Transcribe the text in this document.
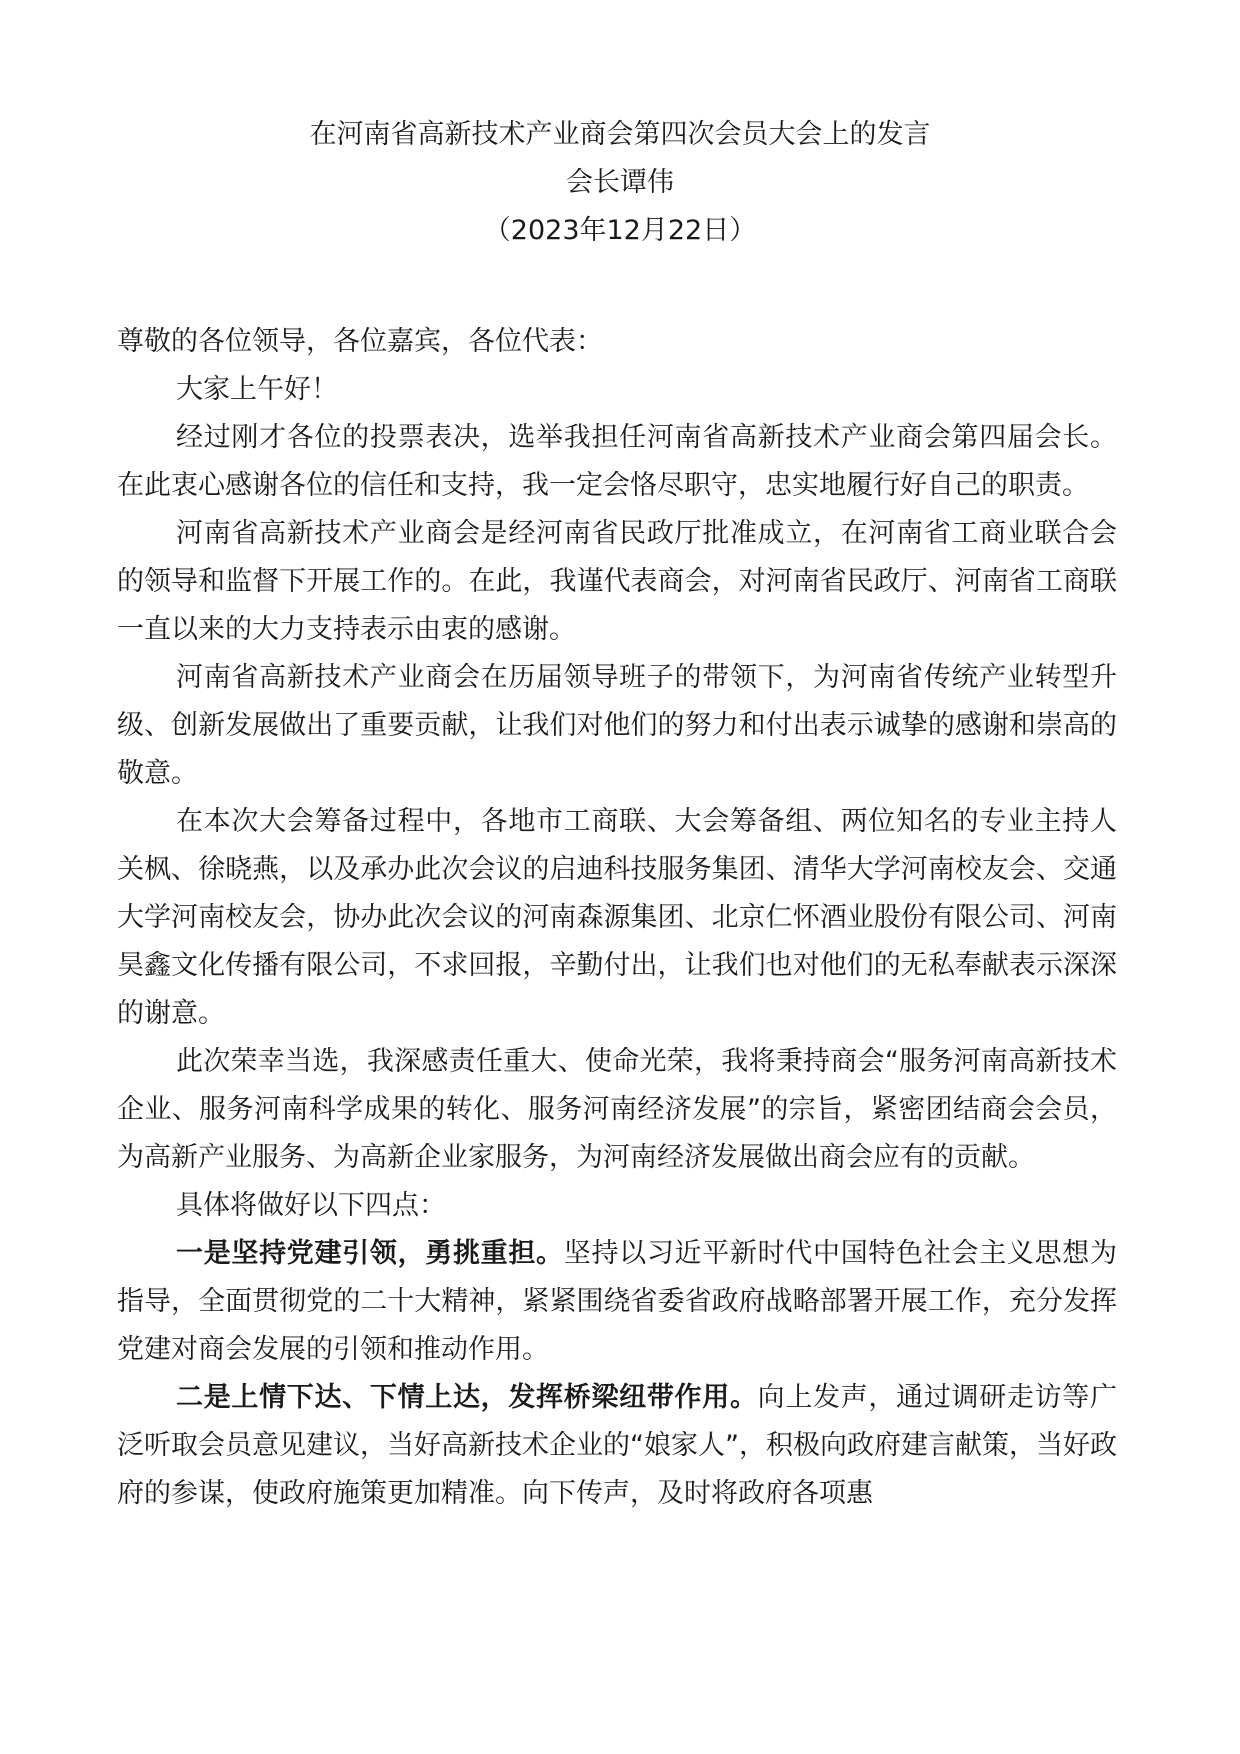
在河南省高新技术产业商会第四次会员大会上的发言
会长谭伟
（2023年12月22日）

尊敬的各位领导，各位嘉宾，各位代表：

大家上午好！

经过刚才各位的投票表决，选举我担任河南省高新技术产业商会第四届会长。在此衷心感谢各位的信任和支持，我一定会恪尽职守，忠实地履行好自己的职责。

河南省高新技术产业商会是经河南省民政厅批准成立，在河南省工商业联合会的领导和监督下开展工作的。在此，我谨代表商会，对河南省民政厅、河南省工商联一直以来的大力支持表示由衷的感谢。

河南省高新技术产业商会在历届领导班子的带领下，为河南省传统产业转型升级、创新发展做出了重要贡献，让我们对他们的努力和付出表示诚挚的感谢和崇高的敬意。

在本次大会筹备过程中，各地市工商联、大会筹备组、两位知名的专业主持人关枫、徐晓燕，以及承办此次会议的启迪科技服务集团、清华大学河南校友会、交通大学河南校友会，协办此次会议的河南森源集团、北京仁怀酒业股份有限公司、河南昊鑫文化传播有限公司，不求回报，辛勤付出，让我们也对他们的无私奉献表示深深的谢意。

此次荣幸当选，我深感责任重大、使命光荣，我将秉持商会“服务河南高新技术企业、服务河南科学成果的转化、服务河南经济发展”的宗旨，紧密团结商会会员，为高新产业服务、为高新企业家服务，为河南经济发展做出商会应有的贡献。

具体将做好以下四点：

一是坚持党建引领，勇挑重担。坚持以习近平新时代中国特色社会主义思想为指导，全面贯彻党的二十大精神，紧紧围绕省委省政府战略部署开展工作，充分发挥党建对商会发展的引领和推动作用。

二是上情下达、下情上达，发挥桥梁纽带作用。向上发声，通过调研走访等广泛听取会员意见建议，当好高新技术企业的“娘家人”，积极向政府建言献策，当好政府的参谋，使政府施策更加精准。向下传声，及时将政府各项惠
